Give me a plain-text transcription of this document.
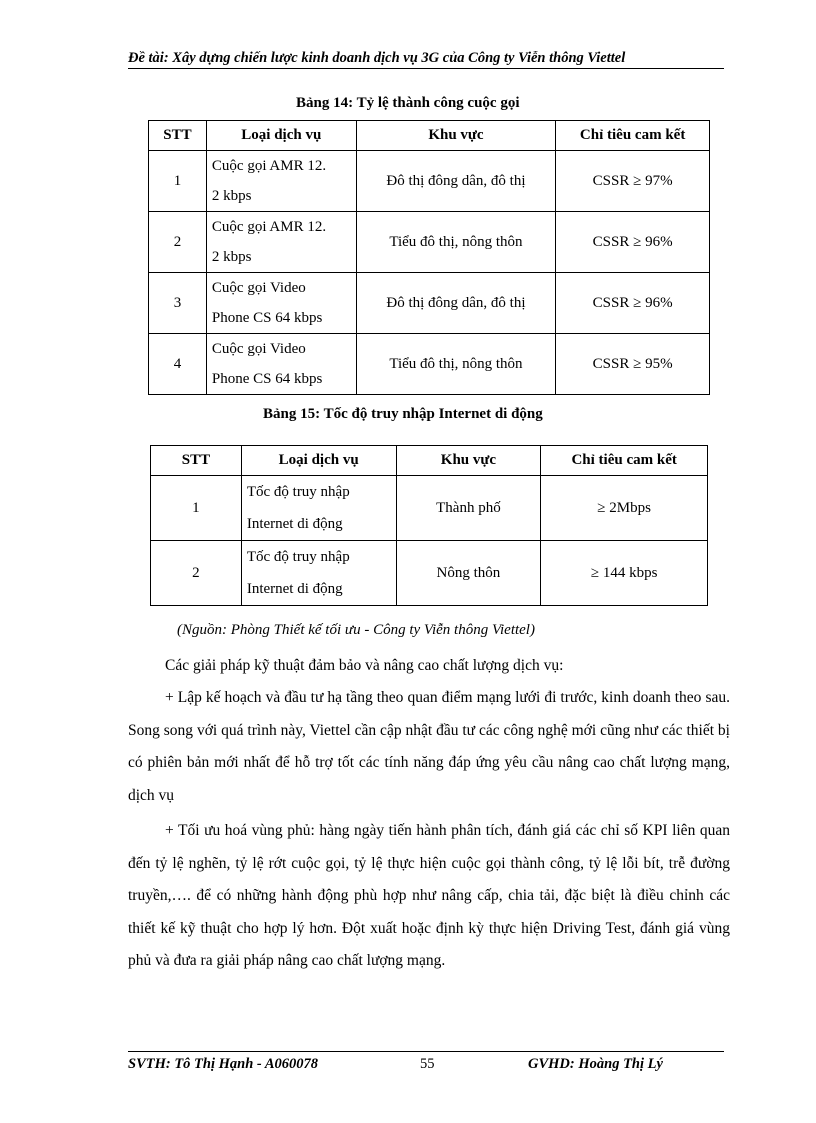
Đề tài: Xây dựng chiến lược kinh doanh dịch vụ 3G của Công ty Viễn thông Viettel
Bảng 14: Tỷ lệ thành công cuộc gọi
STT	Loại dịch vụ	Khu vực	Chỉ tiêu cam kết
1	Cuộc gọi AMR 12.
2 kbps	Đô thị đông dân, đô thị	CSSR ≥ 97%
2	Cuộc gọi AMR 12.
2 kbps	Tiểu đô thị, nông thôn	CSSR ≥ 96%
3	Cuộc gọi Video
Phone CS 64 kbps	Đô thị đông dân, đô thị	CSSR ≥ 96%
4	Cuộc gọi Video
Phone CS 64 kbps	Tiểu đô thị, nông thôn	CSSR ≥ 95%
Bảng 15: Tốc độ truy nhập Internet di động
STT	Loại dịch vụ	Khu vực	Chỉ tiêu cam kết
1	Tốc độ truy nhập
Internet di động	Thành phố	≥ 2Mbps
2	Tốc độ truy nhập
Internet di động	Nông thôn	≥ 144 kbps
(Nguồn: Phòng Thiết kế tối ưu - Công ty Viễn thông Viettel)
Các giải pháp kỹ thuật đảm bảo và nâng cao chất lượng dịch vụ:
+ Lập kế hoạch và đầu tư hạ tầng theo quan điểm mạng lưới đi trước, kinh doanh theo sau. Song song với quá trình này, Viettel cần cập nhật đầu tư các công nghệ mới cũng như các thiết bị có phiên bản mới nhất để hỗ trợ tốt các tính năng đáp ứng yêu cầu nâng cao chất lượng mạng, dịch vụ
+ Tối ưu hoá vùng phủ: hàng ngày tiến hành phân tích, đánh giá các chỉ số KPI liên quan đến tỷ lệ nghẽn, tỷ lệ rớt cuộc gọi, tỷ lệ thực hiện cuộc gọi thành công, tỷ lệ lỗi bít, trễ đường truyền,…. để có những hành động phù hợp như nâng cấp, chia tải, đặc biệt là điều chỉnh các thiết kế kỹ thuật cho hợp lý hơn. Đột xuất hoặc định kỳ thực hiện Driving Test, đánh giá vùng phủ và đưa ra giải pháp nâng cao chất lượng mạng.
SVTH: Tô Thị Hạnh - A060078	55	GVHD: Hoàng Thị Lý
